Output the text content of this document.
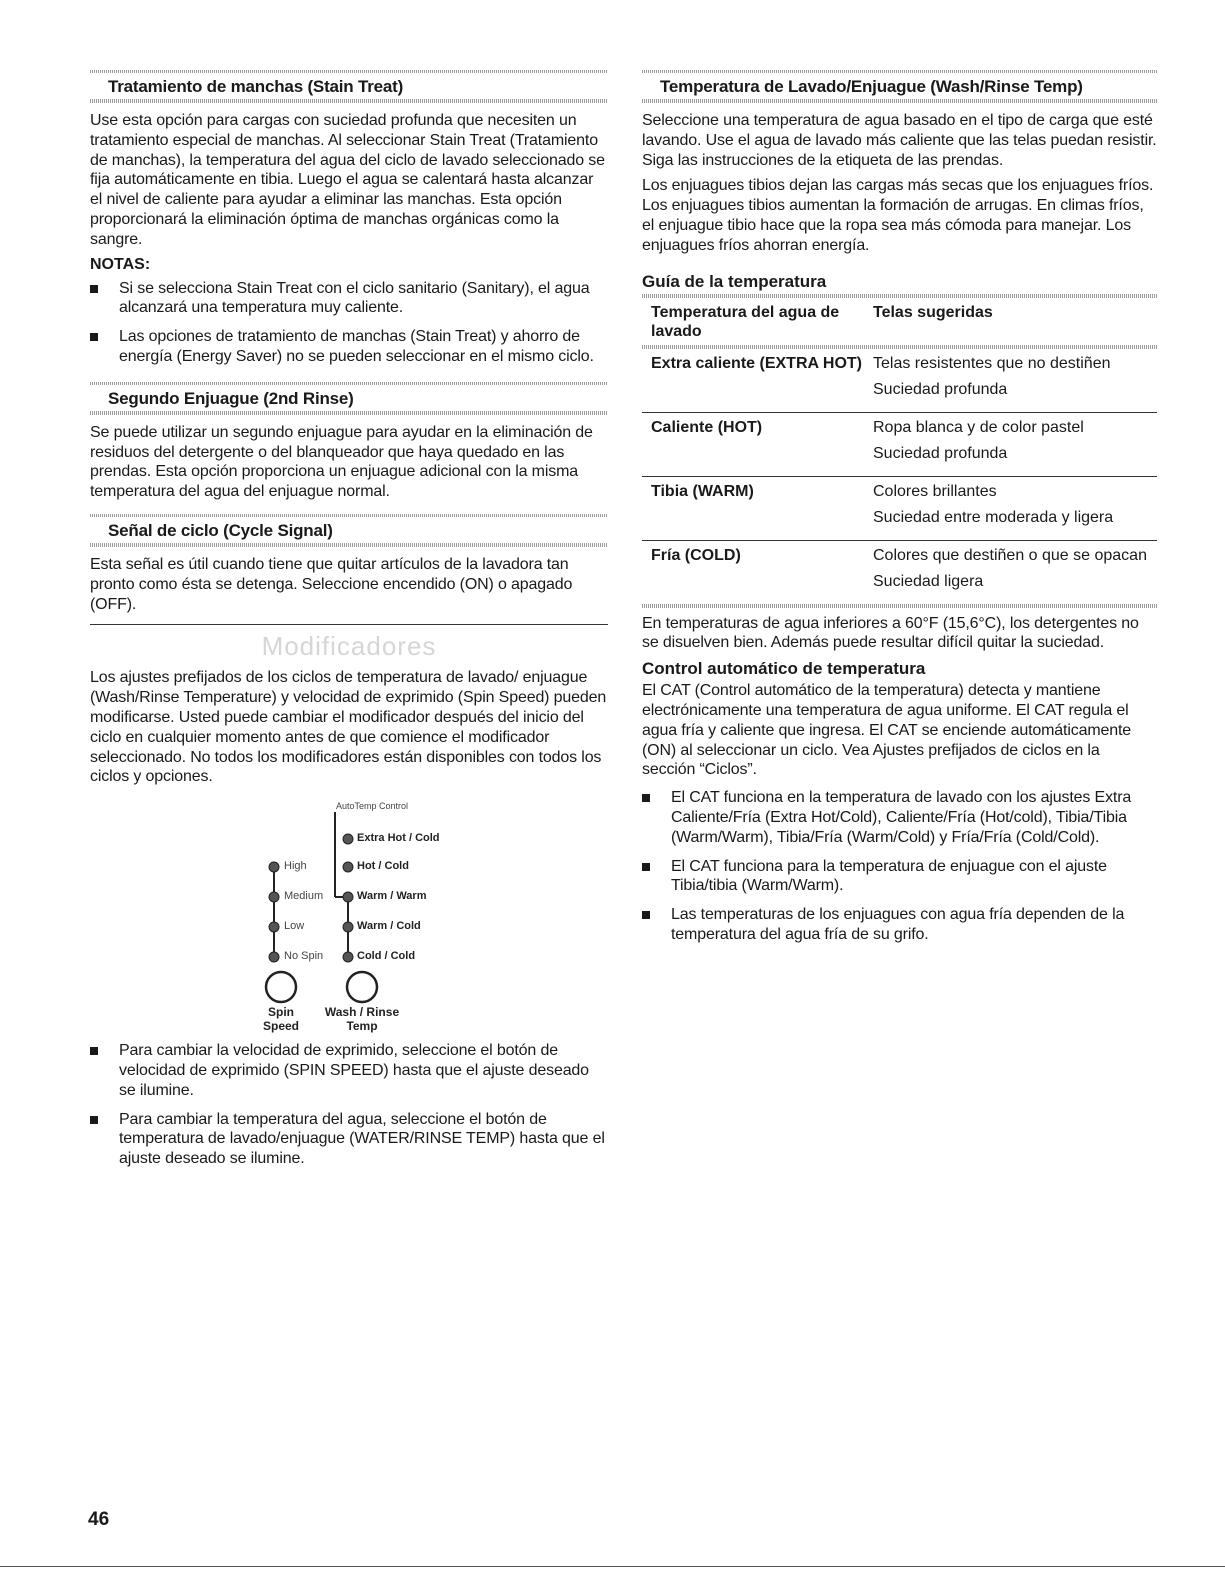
Tratamiento de manchas (Stain Treat)

Use esta opción para cargas con suciedad profunda que necesiten un tratamiento especial de manchas. Al seleccionar Stain Treat (Tratamiento de manchas), la temperatura del agua del ciclo de lavado seleccionado se fija automáticamente en tibia. Luego el agua se calentará hasta alcanzar el nivel de caliente para ayudar a eliminar las manchas. Esta opción proporcionará la eliminación óptima de manchas orgánicas como la sangre.

NOTAS:
Si se selecciona Stain Treat con el ciclo sanitario (Sanitary), el agua alcanzará una temperatura muy caliente.
Las opciones de tratamiento de manchas (Stain Treat) y ahorro de energía (Energy Saver) no se pueden seleccionar en el mismo ciclo.
Segundo Enjuague (2nd Rinse)

Se puede utilizar un segundo enjuague para ayudar en la eliminación de residuos del detergente o del blanqueador que haya quedado en las prendas. Esta opción proporciona un enjuague adicional con la misma temperatura del agua del enjuague normal.

Señal de ciclo (Cycle Signal)

Esta señal es útil cuando tiene que quitar artículos de la lavadora tan pronto como ésta se detenga. Seleccione encendido (ON) o apagado (OFF).

Modificadores

Los ajustes prefijados de los ciclos de temperatura de lavado/ enjuague (Wash/Rinse Temperature) y velocidad de exprimido (Spin Speed) pueden modificarse. Usted puede cambiar el modificador después del inicio del ciclo en cualquier momento antes de que comience el modificador seleccionado. No todos los modificadores están disponibles con todos los ciclos y opciones.

AutoTemp Control
High
Medium
Low
No Spin
Extra Hot / Cold
Hot / Cold
Warm / Warm
Warm / Cold
Cold / Cold
Spin
Speed
Wash / Rinse
Temp
Para cambiar la velocidad de exprimido, seleccione el botón de velocidad de exprimido (SPIN SPEED) hasta que el ajuste deseado se ilumine.
Para cambiar la temperatura del agua, seleccione el botón de temperatura de lavado/enjuague (WATER/RINSE TEMP) hasta que el ajuste deseado se ilumine.
Temperatura de Lavado/Enjuague (Wash/Rinse Temp)

Seleccione una temperatura de agua basado en el tipo de carga que esté lavando. Use el agua de lavado más caliente que las telas puedan resistir. Siga las instrucciones de la etiqueta de las prendas.

Los enjuagues tibios dejan las cargas más secas que los enjuagues fríos. Los enjuagues tibios aumentan la formación de arrugas. En climas fríos, el enjuague tibio hace que la ropa sea más cómoda para manejar. Los enjuagues fríos ahorran energía.

Guía de la temperatura
Temperatura del agua de lavado	Telas sugeridas

Extra caliente (EXTRA HOT)	Telas resistentes que no destiñen
Suciedad profunda

Caliente (HOT)	Ropa blanca y de color pastel
Suciedad profunda

Tibia (WARM)	Colores brillantes
Suciedad entre moderada y ligera

Fría (COLD)	Colores que destiñen o que se opacan
Suciedad ligera

En temperaturas de agua inferiores a 60°F (15,6°C), los detergentes no se disuelven bien. Además puede resultar difícil quitar la suciedad.

Control automático de temperatura

El CAT (Control automático de la temperatura) detecta y mantiene electrónicamente una temperatura de agua uniforme. El CAT regula el agua fría y caliente que ingresa. El CAT se enciende automáticamente (ON) al seleccionar un ciclo. Vea Ajustes prefijados de ciclos en la sección “Ciclos”.

El CAT funciona en la temperatura de lavado con los ajustes Extra Caliente/Fría (Extra Hot/Cold), Caliente/Fría (Hot/cold), Tibia/Tibia (Warm/Warm), Tibia/Fría (Warm/Cold) y Fría/Fría (Cold/Cold).
El CAT funciona para la temperatura de enjuague con el ajuste Tibia/tibia (Warm/Warm).
Las temperaturas de los enjuagues con agua fría dependen de la temperatura del agua fría de su grifo.
46
